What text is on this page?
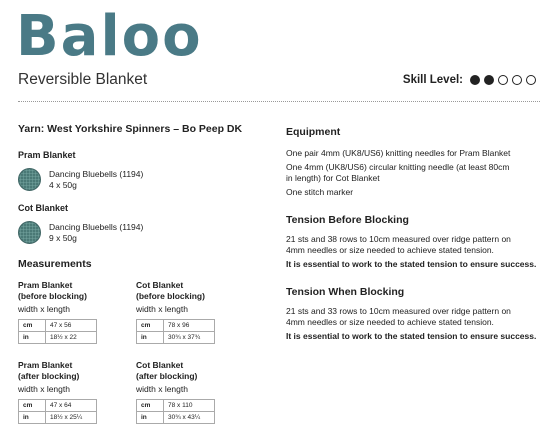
Baloo
Reversible Blanket	Skill Level:
Yarn: West Yorkshire Spinners – Bo Peep DK
Pram Blanket
Dancing Bluebells (1194)
4 x 50g
Cot Blanket
Dancing Bluebells (1194)
9 x 50g
Measurements
Pram Blanket
(before blocking)
width x length
cm	47 x 56
in	18½ x 22
Cot Blanket
(before blocking)
width x length
cm	78 x 96
in	30¾ x 37¾
Pram Blanket
(after blocking)
width x length
cm	47 x 64
in	18½ x 25¼
Cot Blanket
(after blocking)
width x length
cm	78 x 110
in	30¾ x 43¼
Equipment
One pair 4mm (UK8/US6) knitting needles for Pram Blanket
One 4mm (UK8/US6) circular knitting needle (at least 80cm in length) for Cot Blanket
One stitch marker
Tension Before Blocking
21 sts and 38 rows to 10cm measured over ridge pattern on 4mm needles or size needed to achieve stated tension.
It is essential to work to the stated tension to ensure success.
Tension When Blocking
21 sts and 33 rows to 10cm measured over ridge pattern on 4mm needles or size needed to achieve stated tension.
It is essential to work to the stated tension to ensure success.
